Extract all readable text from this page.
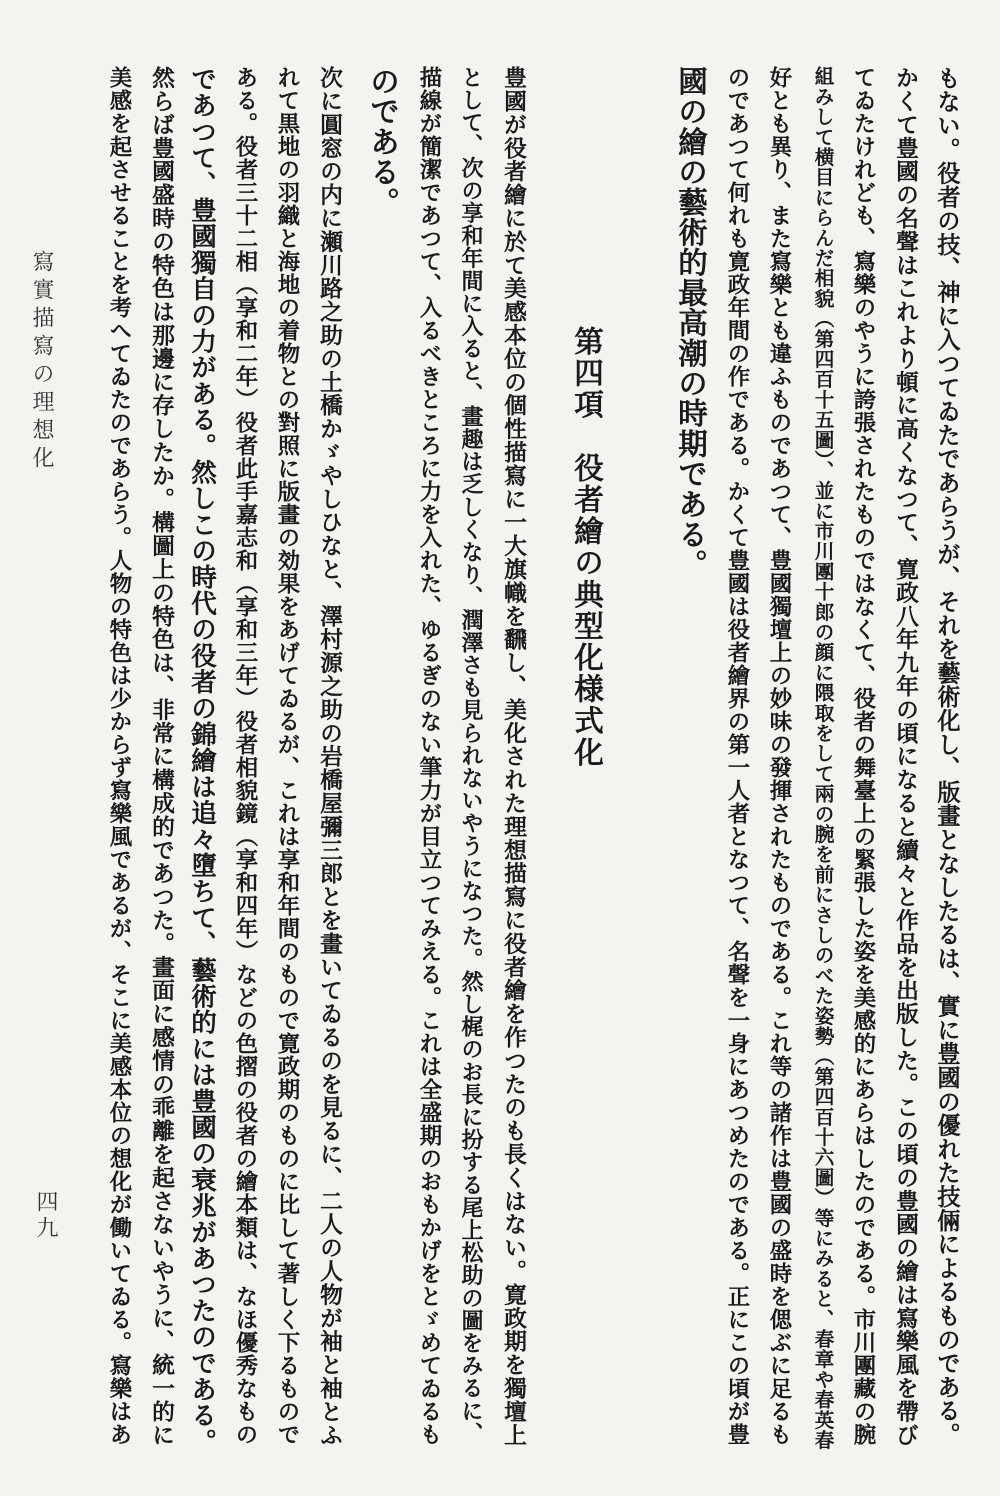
もない。役者の技、神に入つてゐたであらうが、それを藝術化し、版畫となしたるは、實に豊國の優れた技倆によるものである。
かくて豊國の名聲はこれより頓に高くなつて、寛政八年九年の頃になると續々と作品を出版した。この頃の豊國の繪は寫樂風を帶び
てゐたけれども、寫樂のやうに誇張されたものではなくて、役者の舞臺上の緊張した姿を美感的にあらはしたのである。市川團藏の腕
組みして横目にらんだ相貌（第四百十五圖）、並に市川團十郎の顔に隈取をして兩の腕を前にさしのべた姿勢（第四百十六圖）等にみると、春章や春英春
好とも異り、また寫樂とも違ふものであつて、豊國獨壇上の妙味の發揮されたものである。これ等の諸作は豊國の盛時を偲ぶに足るも
のであつて何れも寛政年間の作である。かくて豊國は役者繪界の第一人者となつて、名聲を一身にあつめたのである。正にこの頃が豊
國の繪の藝術的最高潮の時期である。
第四項　役者繪の典型化様式化
豊國が役者繪に於て美感本位の個性描寫に一大旗幟を飜し、美化された理想描寫に役者繪を作つたのも長くはない。寛政期を獨壇上
として、次の享和年間に入ると、畫趣は乏しくなり、潤澤さも見られないやうになつた。然し梶のお長に扮する尾上松助の圖をみるに、
描線が簡潔であつて、入るべきところに力を入れた、ゆるぎのない筆力が目立つてみえる。これは全盛期のおもかげをとゞめてゐるも
のである。
次に圓窓の内に瀬川路之助の土橋かゞやしひなと、澤村源之助の岩橋屋彌三郎とを畫いてゐるのを見るに、二人の人物が袖と袖とふ
れて黒地の羽織と海地の着物との對照に版畫の効果をあげてゐるが、これは享和年間のもので寛政期のものに比して著しく下るもので
ある。役者三十二相（享和二年）役者此手嘉志和（享和三年）役者相貌鏡（享和四年）などの色摺の役者の繪本類は、なほ優秀なもの
であつて、豊國獨自の力がある。然しこの時代の役者の錦繪は追々墮ちて、藝術的には豊國の衰兆があつたのである。
然らば豊國盛時の特色は那邊に存したか。構圖上の特色は、非常に構成的であつた。畫面に感情の乖離を起さないやうに、統一的に
美感を起させることを考へてゐたのであらう。人物の特色は少からず寫樂風であるが、そこに美感本位の想化が働いてゐる。寫樂はあ
寫實描寫の理想化
四九
